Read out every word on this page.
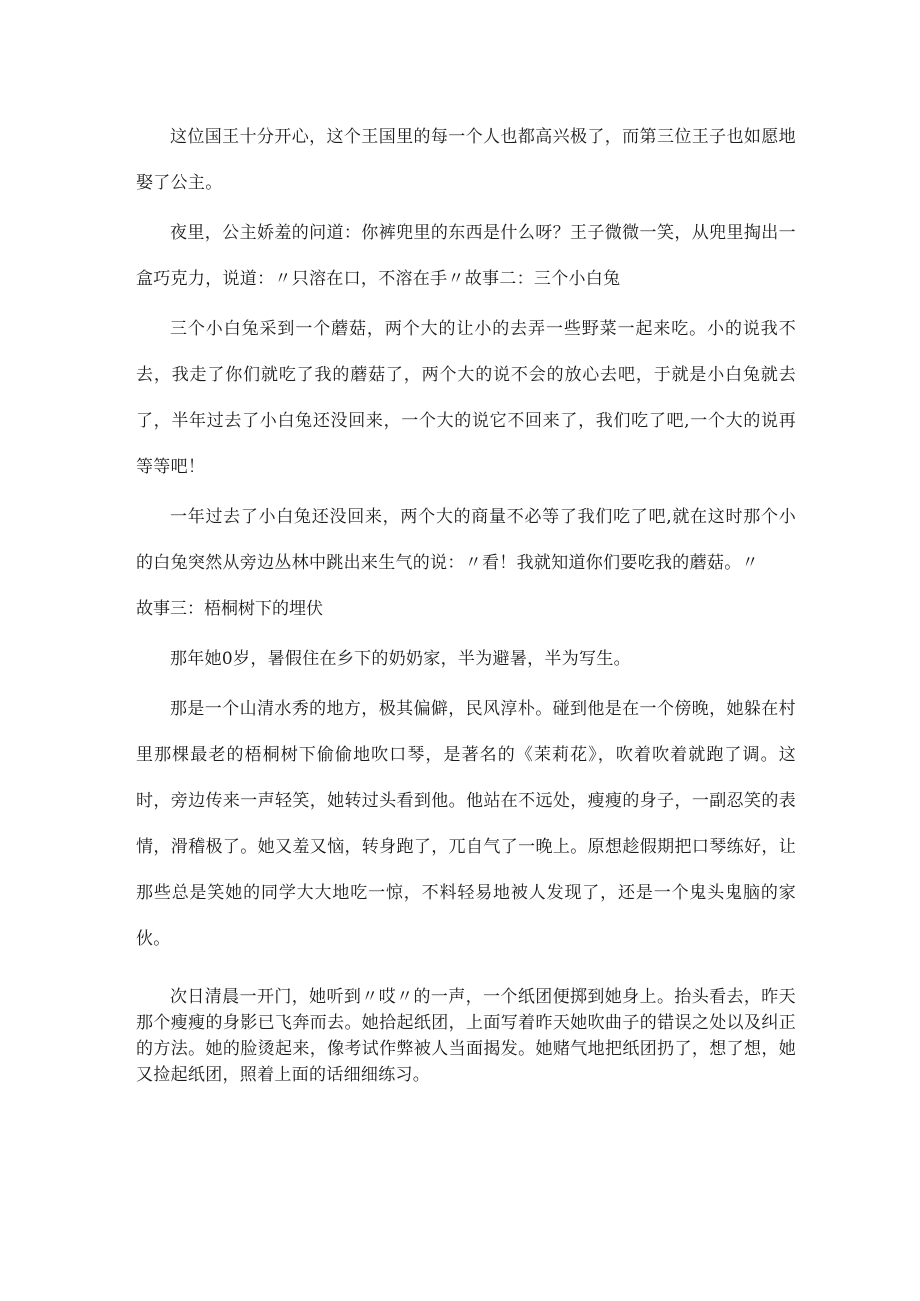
这位国王十分开心，这个王国里的每一个人也都高兴极了，而第三位王子也如愿地娶了公主。

夜里，公主娇羞的问道：你裤兜里的东西是什么呀？王子微微一笑，从兜里掏出一盒巧克力，说道：〃只溶在口，不溶在手〃故事二：三个小白兔

三个小白兔采到一个蘑菇，两个大的让小的去弄一些野菜一起来吃。小的说我不去，我走了你们就吃了我的蘑菇了，两个大的说不会的放心去吧，于就是小白兔就去了，半年过去了小白兔还没回来，一个大的说它不回来了，我们吃了吧,一个大的说再等等吧！

一年过去了小白兔还没回来，两个大的商量不必等了我们吃了吧,就在这时那个小的白兔突然从旁边丛林中跳出来生气的说：〃看！我就知道你们要吃我的蘑菇。〃

故事三：梧桐树下的埋伏

那年她0岁，暑假住在乡下的奶奶家，半为避暑，半为写生。

那是一个山清水秀的地方，极其偏僻，民风淳朴。碰到他是在一个傍晚，她躲在村里那棵最老的梧桐树下偷偷地吹口琴，是著名的《茉莉花》，吹着吹着就跑了调。这时，旁边传来一声轻笑，她转过头看到他。他站在不远处，瘦瘦的身子，一副忍笑的表情，滑稽极了。她又羞又恼，转身跑了，兀自气了一晚上。原想趁假期把口琴练好，让那些总是笑她的同学大大地吃一惊，不料轻易地被人发现了，还是一个鬼头鬼脑的家伙。

次日清晨一开门，她听到〃哎〃的一声，一个纸团便掷到她身上。抬头看去，昨天那个瘦瘦的身影已飞奔而去。她拾起纸团，上面写着昨天她吹曲子的错误之处以及纠正的方法。她的脸烫起来，像考试作弊被人当面揭发。她赌气地把纸团扔了，想了想，她又捡起纸团，照着上面的话细细练习。
